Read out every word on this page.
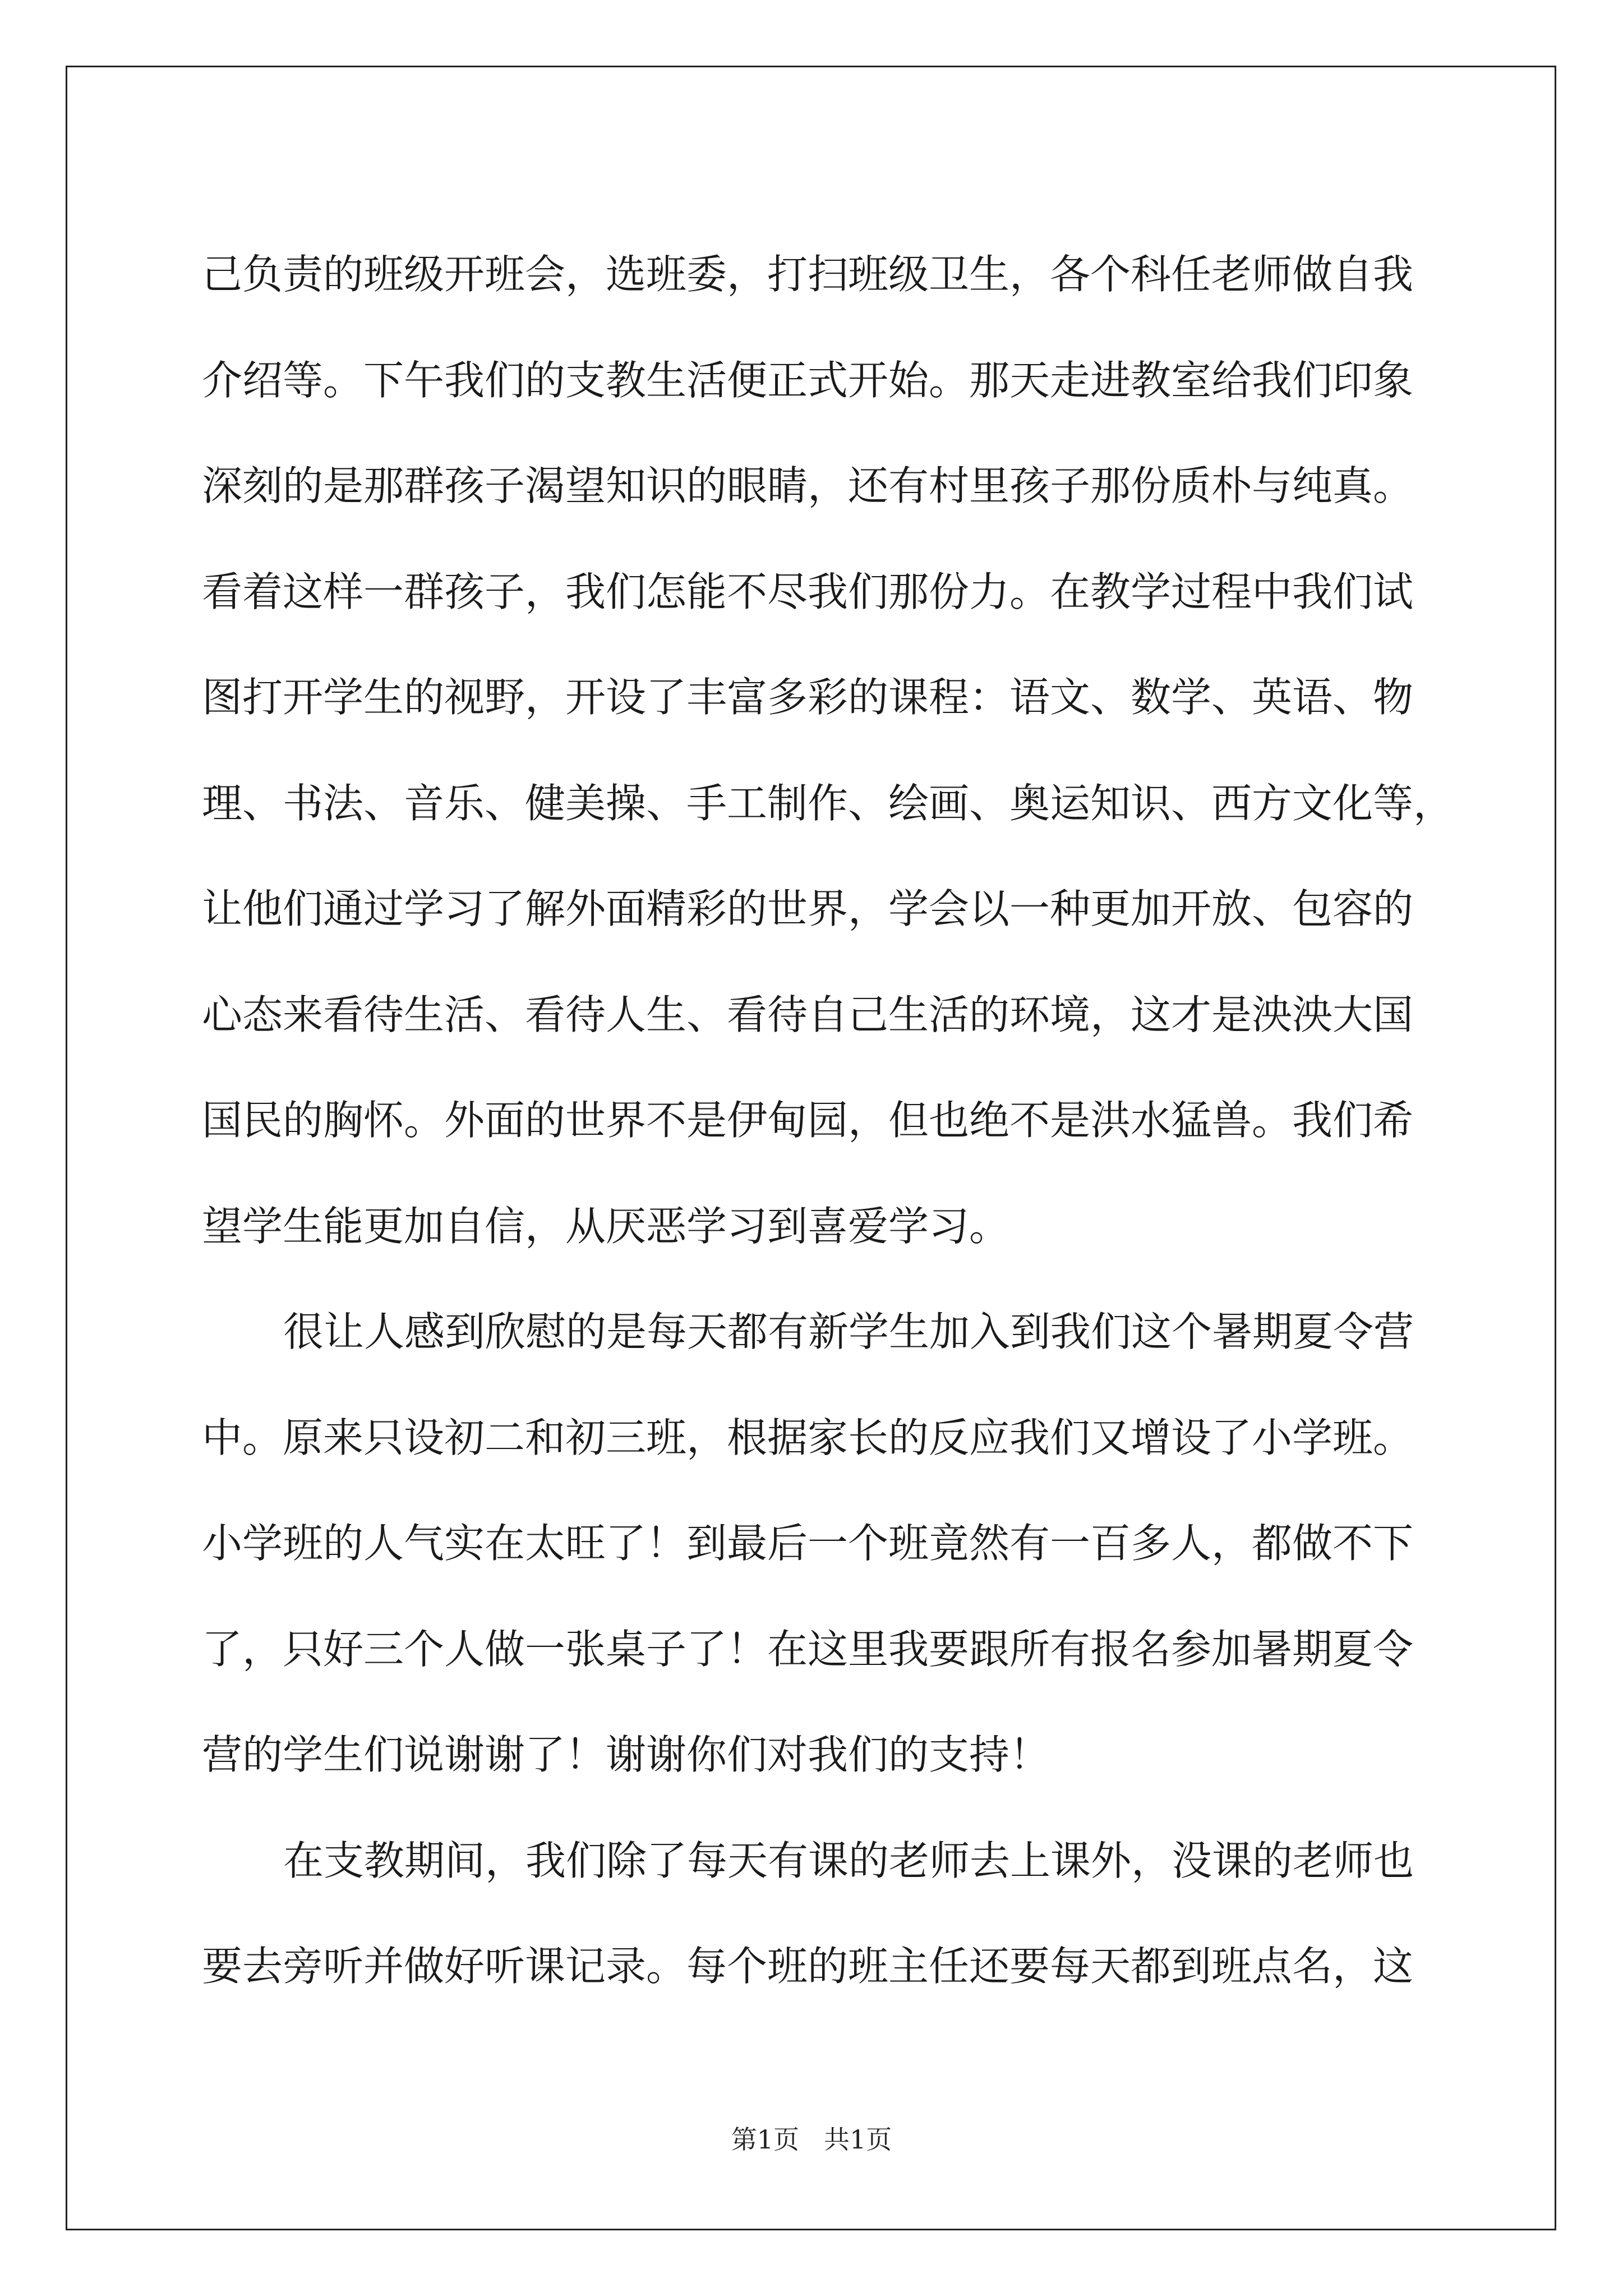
己负责的班级开班会，选班委，打扫班级卫生，各个科任老师做自我
介绍等。下午我们的支教生活便正式开始。那天走进教室给我们印象
深刻的是那群孩子渴望知识的眼睛，还有村里孩子那份质朴与纯真。
看着这样一群孩子，我们怎能不尽我们那份力。在教学过程中我们试
图打开学生的视野，开设了丰富多彩的课程：语文、数学、英语、物
理、书法、音乐、健美操、手工制作、绘画、奥运知识、西方文化等，
让他们通过学习了解外面精彩的世界，学会以一种更加开放、包容的
心态来看待生活、看待人生、看待自己生活的环境，这才是泱泱大国
国民的胸怀。外面的世界不是伊甸园，但也绝不是洪水猛兽。我们希
望学生能更加自信，从厌恶学习到喜爱学习。
很让人感到欣慰的是每天都有新学生加入到我们这个暑期夏令营
中。原来只设初二和初三班，根据家长的反应我们又增设了小学班。
小学班的人气实在太旺了！到最后一个班竟然有一百多人，都做不下
了，只好三个人做一张桌子了！在这里我要跟所有报名参加暑期夏令
营的学生们说谢谢了！谢谢你们对我们的支持！
在支教期间，我们除了每天有课的老师去上课外，没课的老师也
要去旁听并做好听课记录。每个班的班主任还要每天都到班点名，这
第1页 共1页
